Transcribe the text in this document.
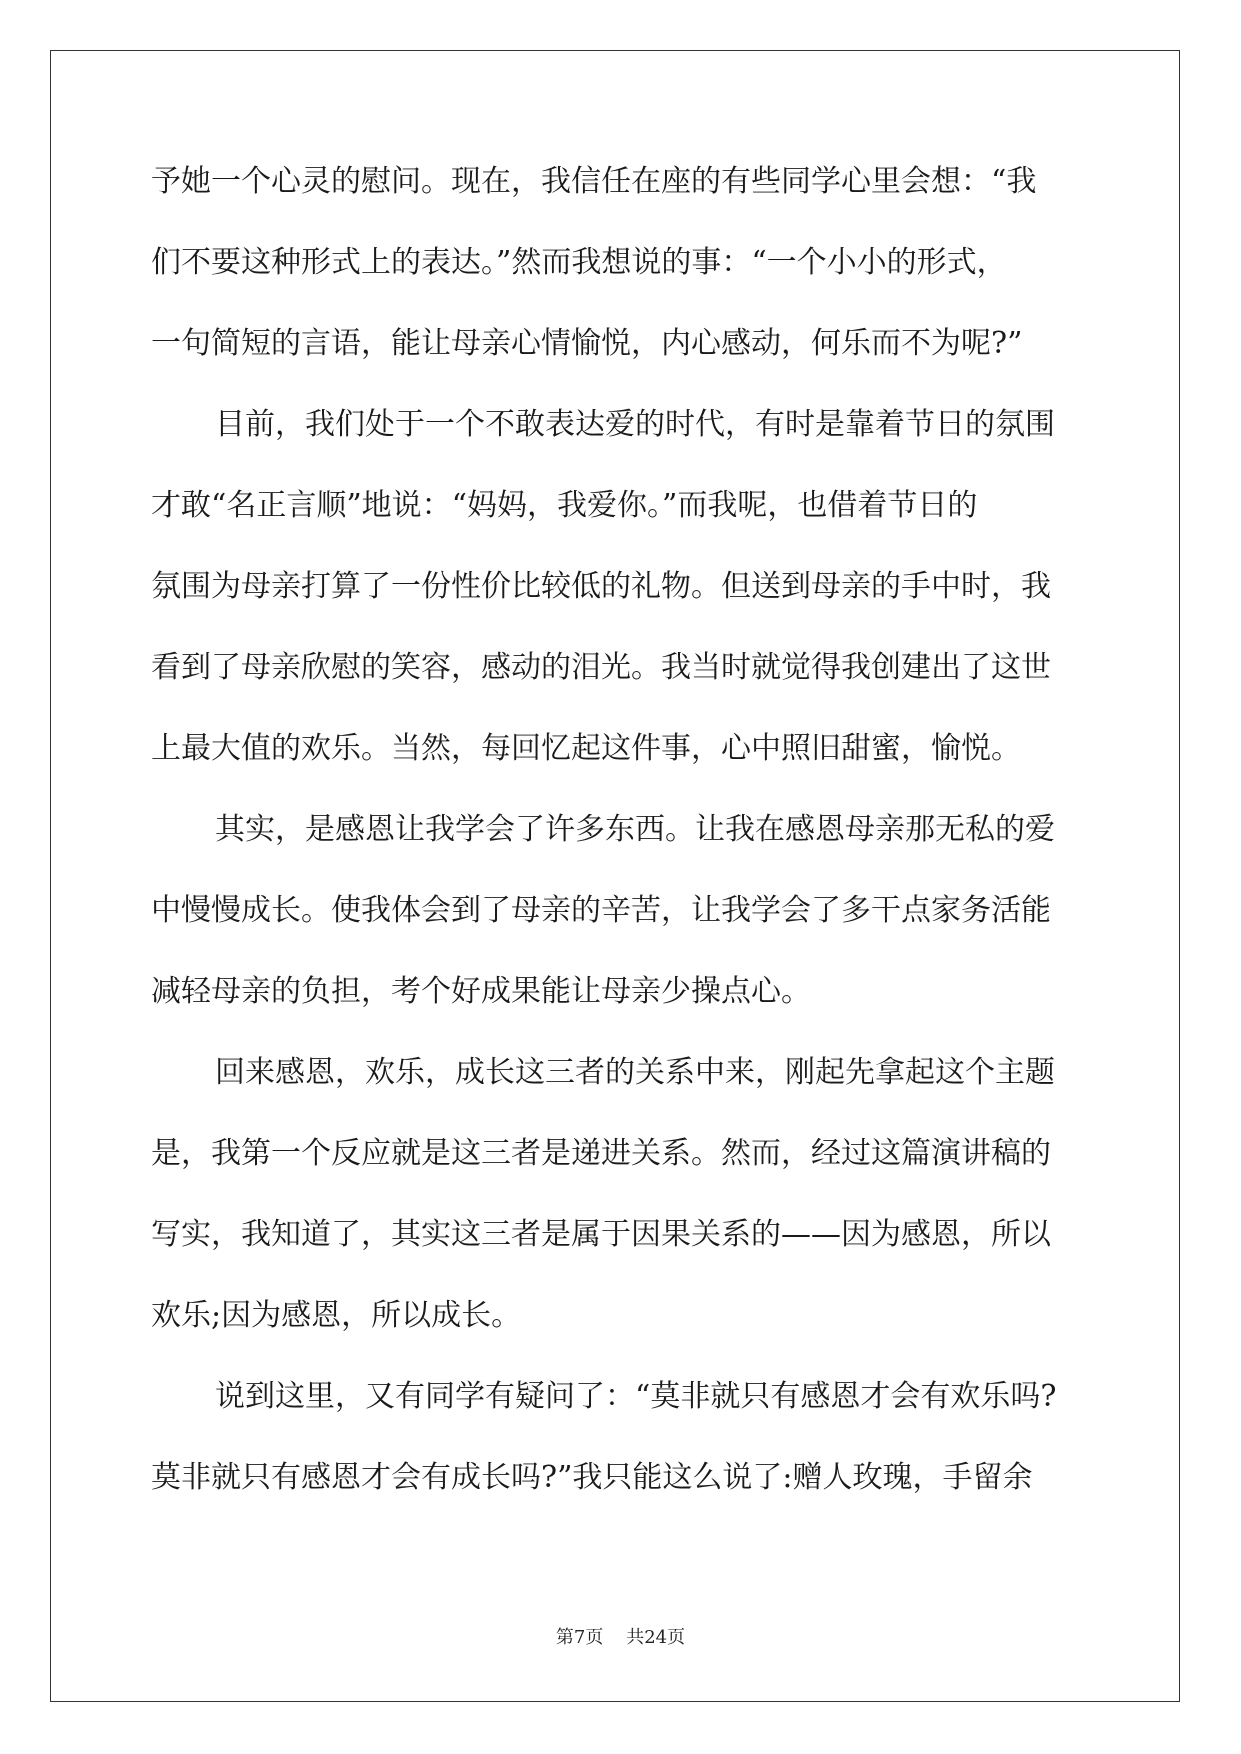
予她一个心灵的慰问。现在，我信任在座的有些同学心里会想：“我
们不要这种形式上的表达。”然而我想说的事：“一个小小的形式，
一句简短的言语，能让母亲心情愉悦，内心感动，何乐而不为呢?”
目前，我们处于一个不敢表达爱的时代，有时是靠着节日的氛围
才敢“名正言顺”地说：“妈妈，我爱你。”而我呢，也借着节日的
氛围为母亲打算了一份性价比较低的礼物。但送到母亲的手中时，我
看到了母亲欣慰的笑容，感动的泪光。我当时就觉得我创建出了这世
上最大值的欢乐。当然，每回忆起这件事，心中照旧甜蜜，愉悦。
其实，是感恩让我学会了许多东西。让我在感恩母亲那无私的爱
中慢慢成长。使我体会到了母亲的辛苦，让我学会了多干点家务活能
减轻母亲的负担，考个好成果能让母亲少操点心。
回来感恩，欢乐，成长这三者的关系中来，刚起先拿起这个主题
是，我第一个反应就是这三者是递进关系。然而，经过这篇演讲稿的
写实，我知道了，其实这三者是属于因果关系的——因为感恩，所以
欢乐;因为感恩，所以成长。
说到这里，又有同学有疑问了：“莫非就只有感恩才会有欢乐吗?
莫非就只有感恩才会有成长吗?”我只能这么说了:赠人玫瑰，手留余
第7页    共24页
